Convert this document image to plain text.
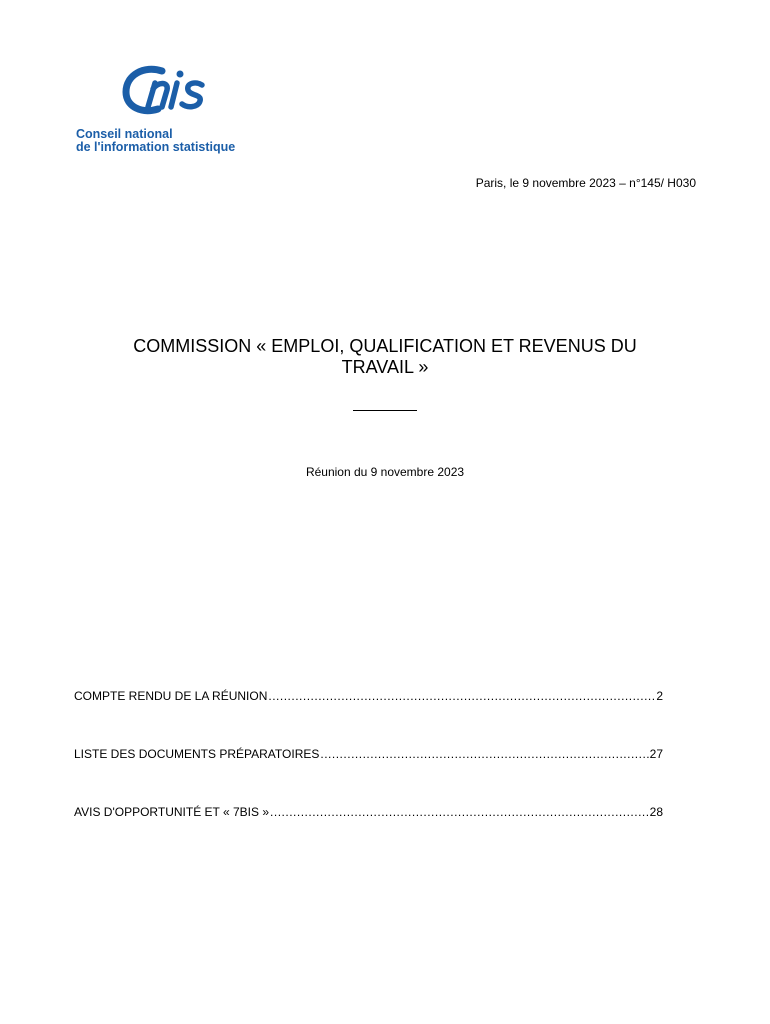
Conseil national
de l'information statistique
Paris, le 9 novembre 2023 – n°145/ H030
COMMISSION « EMPLOI, QUALIFICATION ET REVENUS DU TRAVAIL »
Réunion du 9 novembre 2023
COMPTE RENDU DE LA RÉUNION .....	2
LISTE DES DOCUMENTS PRÉPARATOIRES .....	27
AVIS D'OPPORTUNITÉ ET « 7BIS » .....	28
